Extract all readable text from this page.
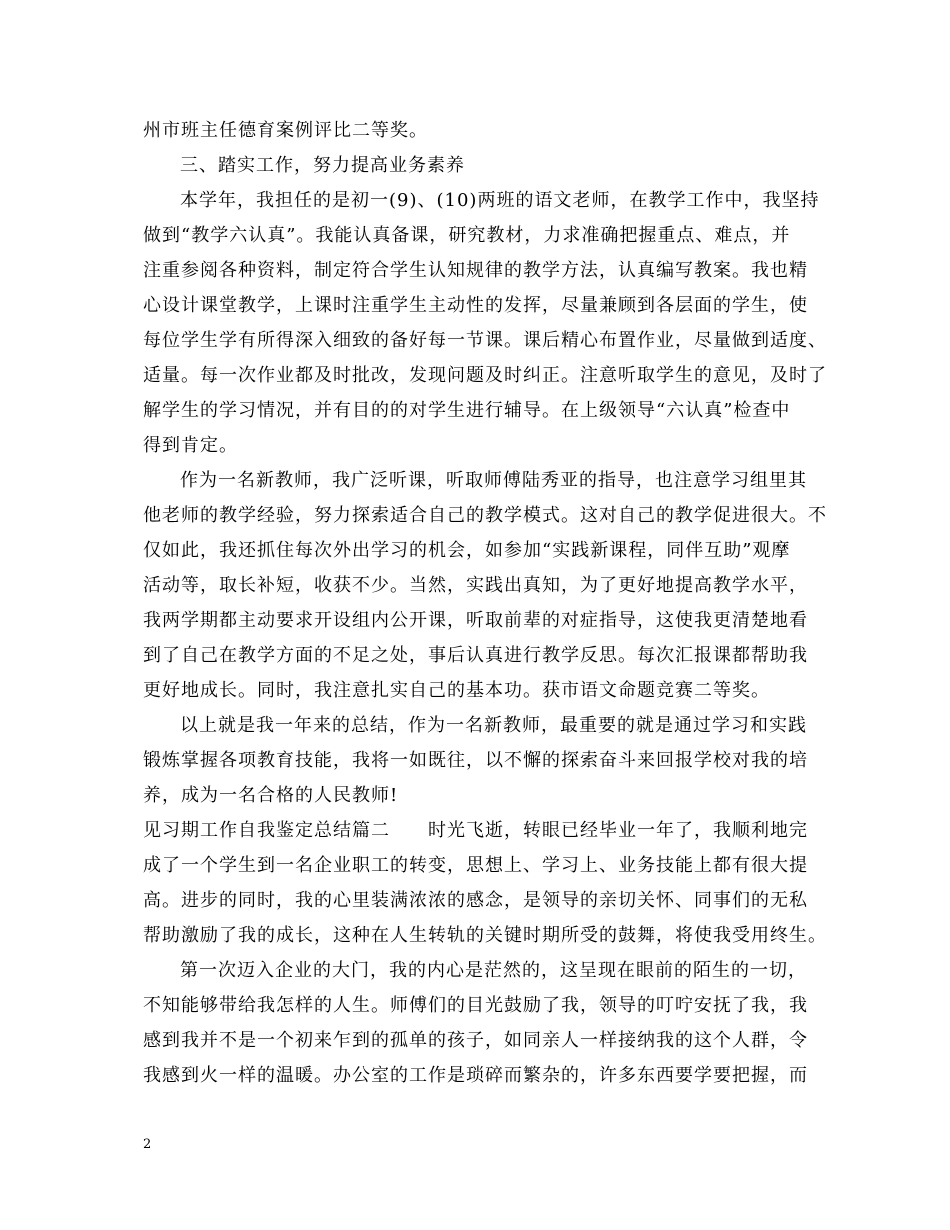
州市班主任德育案例评比二等奖。
三、踏实工作，努力提高业务素养
本学年，我担任的是初一(9)、(10)两班的语文老师，在教学工作中，我坚持
做到“教学六认真”。我能认真备课，研究教材，力求准确把握重点、难点，并
注重参阅各种资料，制定符合学生认知规律的教学方法，认真编写教案。我也精
心设计课堂教学，上课时注重学生主动性的发挥，尽量兼顾到各层面的学生，使
每位学生学有所得深入细致的备好每一节课。课后精心布置作业，尽量做到适度、
适量。每一次作业都及时批改，发现问题及时纠正。注意听取学生的意见，及时了
解学生的学习情况，并有目的的对学生进行辅导。在上级领导“六认真”检查中
得到肯定。
作为一名新教师，我广泛听课，听取师傅陆秀亚的指导，也注意学习组里其
他老师的教学经验，努力探索适合自己的教学模式。这对自己的教学促进很大。不
仅如此，我还抓住每次外出学习的机会，如参加“实践新课程，同伴互助”观摩
活动等，取长补短，收获不少。当然，实践出真知，为了更好地提高教学水平，
我两学期都主动要求开设组内公开课，听取前辈的对症指导，这使我更清楚地看
到了自己在教学方面的不足之处，事后认真进行教学反思。每次汇报课都帮助我
更好地成长。同时，我注意扎实自己的基本功。获市语文命题竞赛二等奖。
以上就是我一年来的总结，作为一名新教师，最重要的就是通过学习和实践
锻炼掌握各项教育技能，我将一如既往，以不懈的探索奋斗来回报学校对我的培
养，成为一名合格的人民教师!
见习期工作自我鉴定总结篇二　　时光飞逝，转眼已经毕业一年了，我顺利地完
成了一个学生到一名企业职工的转变，思想上、学习上、业务技能上都有很大提
高。进步的同时，我的心里装满浓浓的感念，是领导的亲切关怀、同事们的无私
帮助激励了我的成长，这种在人生转轨的关键时期所受的鼓舞，将使我受用终生。
第一次迈入企业的大门，我的内心是茫然的，这呈现在眼前的陌生的一切，
不知能够带给我怎样的人生。师傅们的目光鼓励了我，领导的叮咛安抚了我，我
感到我并不是一个初来乍到的孤单的孩子，如同亲人一样接纳我的这个人群，令
我感到火一样的温暖。办公室的工作是琐碎而繁杂的，许多东西要学要把握，而
2
